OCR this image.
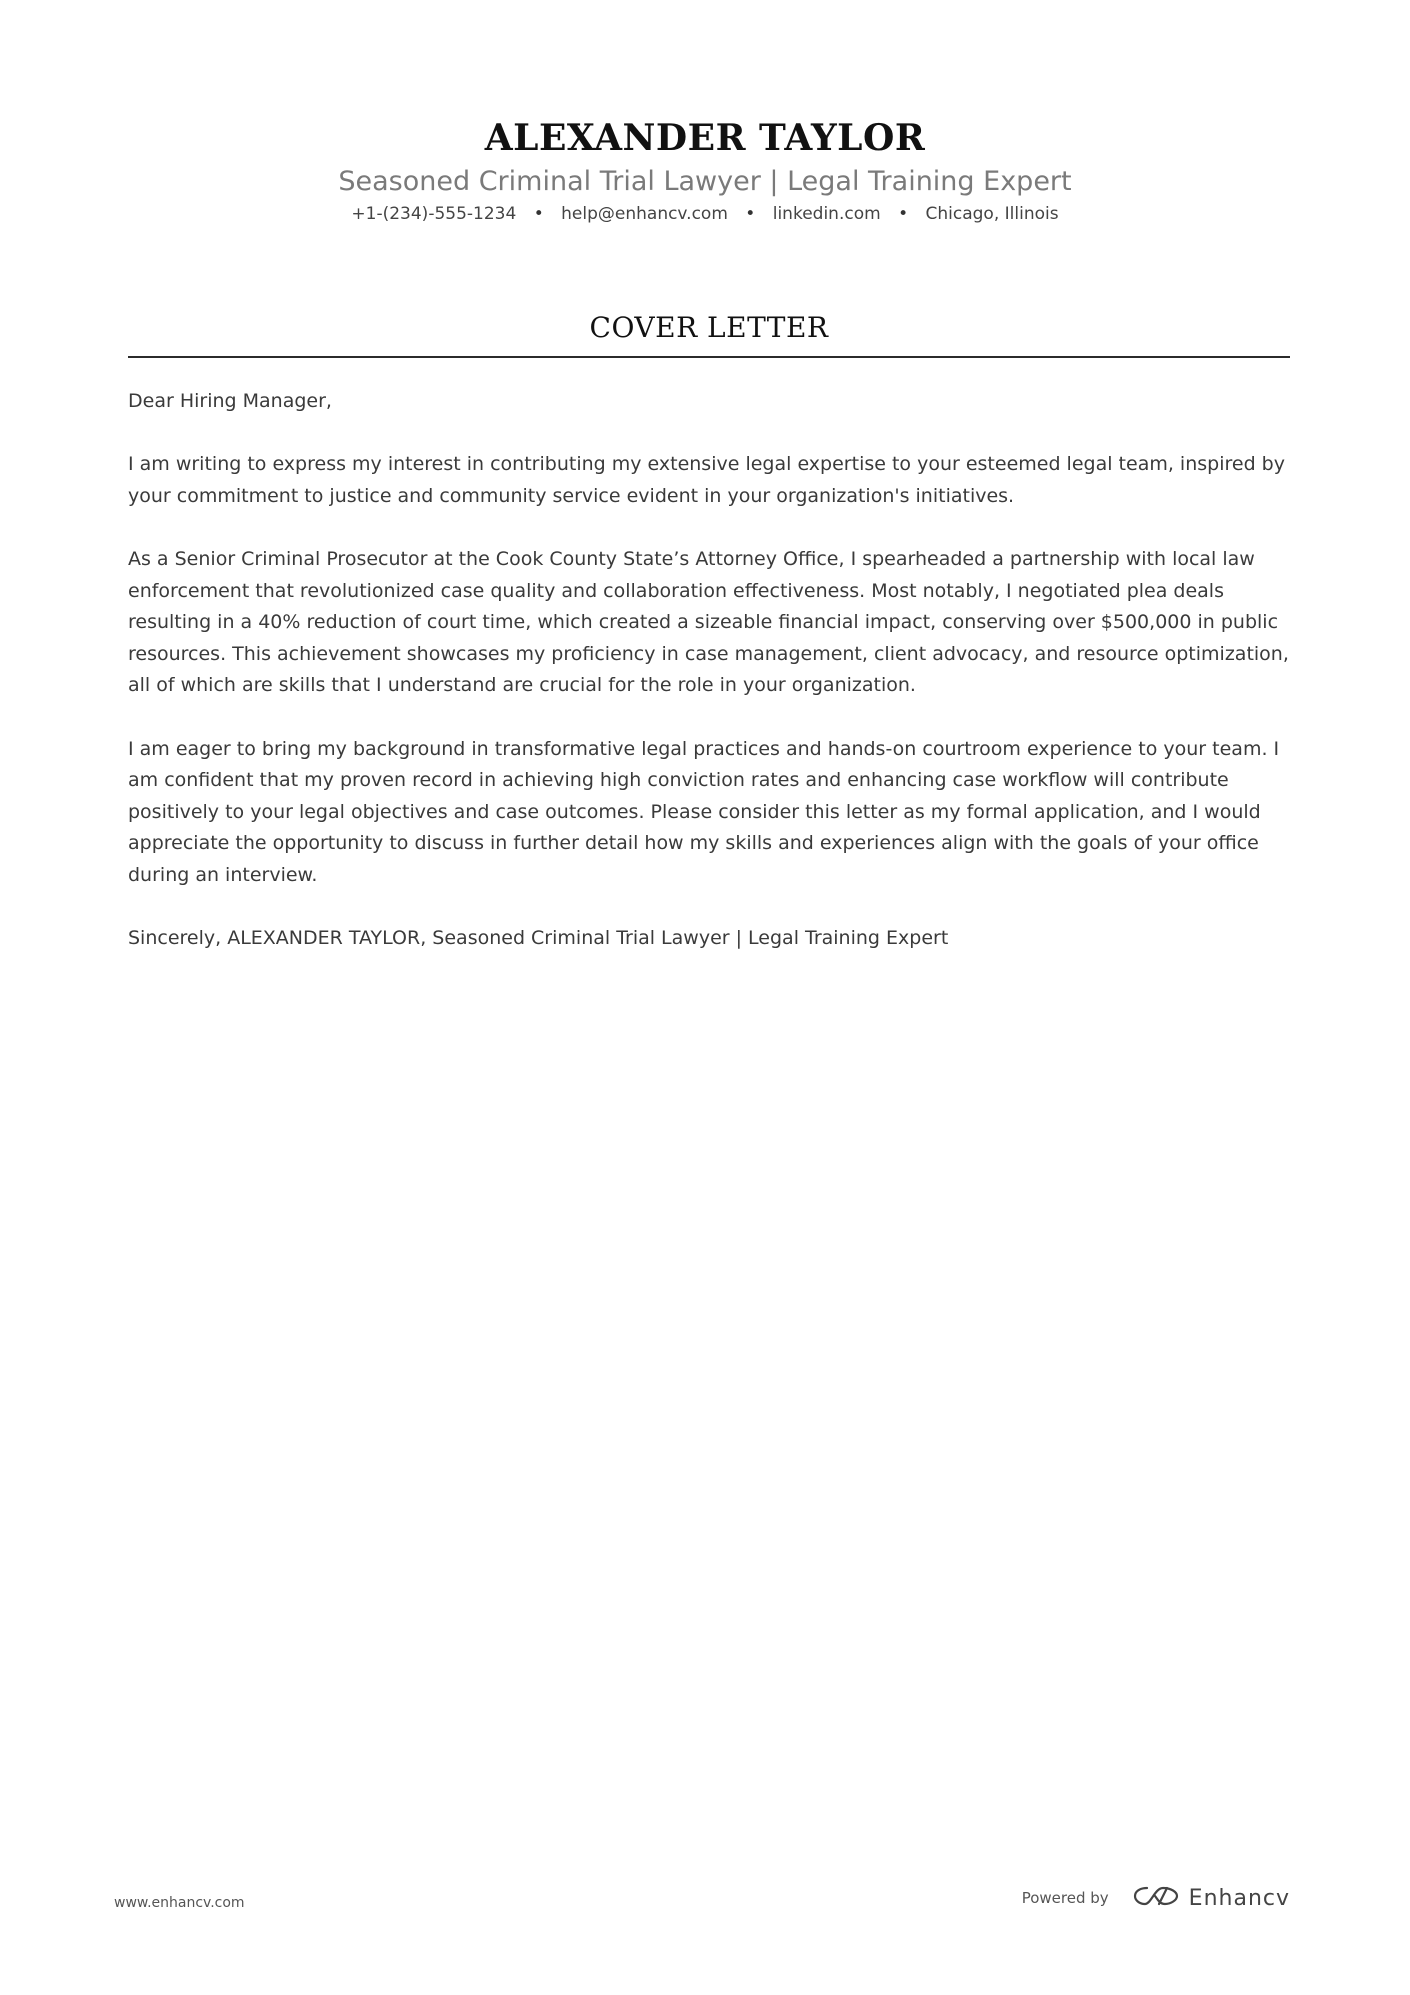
ALEXANDER TAYLOR
Seasoned Criminal Trial Lawyer | Legal Training Expert
+1-(234)-555-1234 • help@enhancv.com • linkedin.com • Chicago, Illinois
COVER LETTER

Dear Hiring Manager,

I am writing to express my interest in contributing my extensive legal expertise to your esteemed legal team, inspired by your commitment to justice and community service evident in your organization's initiatives.

As a Senior Criminal Prosecutor at the Cook County State’s Attorney Office, I spearheaded a partnership with local law enforcement that revolutionized case quality and collaboration effectiveness. Most notably, I negotiated plea deals resulting in a 40% reduction of court time, which created a sizeable financial impact, conserving over $500,000 in public resources. This achievement showcases my proficiency in case management, client advocacy, and resource optimization, all of which are skills that I understand are crucial for the role in your organization.

I am eager to bring my background in transformative legal practices and hands-on courtroom experience to your team. I am confident that my proven record in achieving high conviction rates and enhancing case workflow will contribute positively to your legal objectives and case outcomes. Please consider this letter as my formal application, and I would appreciate the opportunity to discuss in further detail how my skills and experiences align with the goals of your office during an interview.

Sincerely, ALEXANDER TAYLOR, Seasoned Criminal Trial Lawyer | Legal Training Expert

www.enhancv.com	Powered by	Enhancv
